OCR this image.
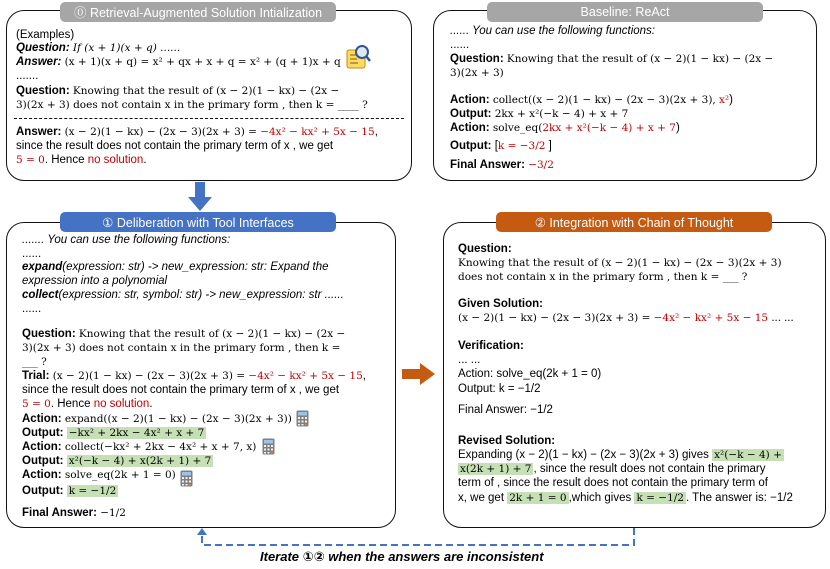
⓪ Retrieval-Augmented Solution Intialization
(Examples)
Question: If (x + 1)(x + q) ......
Answer: (x + 1)(x + q) = x² + qx + x + q = x² + (q + 1)x + q
.......
Question: Knowing that the result of (x − 2)(1 − kx) − (2x −
3)(2x + 3) does not contain x in the primary form , then k = ____ ?
Answer: (x − 2)(1 − kx) − (2x − 3)(2x + 3) = −4x² − kx² + 5x − 15,
since the result does not contain the primary term of x , we get
5 = 0. Hence no solution.
Baseline: ReAct
...... You can use the following functions:
......
Question: Knowing that the result of (x − 2)(1 − kx) − (2x −
3)(2x + 3)
Action: collect((x − 2)(1 − kx) − (2x − 3)(2x + 3), x²)
Output: 2kx + x²(−k − 4) + x + 7
Action: solve_eq(2kx + x²(−k − 4) + x + 7)
Output: [k = −3/2 ]
Final Answer: −3/2
① Deliberation with Tool Interfaces
....... You can use the following functions:
......
expand(expression: str) -> new_expression: str: Expand the
expression into a polynomial
collect(expression: str, symbol: str) -> new_expression: str ......
......
Question: Knowing that the result of (x − 2)(1 − kx) − (2x −
3)(2x + 3) does not contain x in the primary form , then k =
___ ?
Trial: (x − 2)(1 − kx) − (2x − 3)(2x + 3) = −4x² − kx² + 5x − 15,
since the result does not contain the primary term of x , we get
5 = 0. Hence no solution.
Action: expand((x − 2)(1 − kx) − (2x − 3)(2x + 3))
Output: −kx² + 2kx − 4x² + x + 7
Action: collect(−kx² + 2kx − 4x² + x + 7, x)
Output: x²(−k − 4) + x(2k + 1) + 7
Action: solve_eq(2k + 1 = 0)
Output: k = −1/2
Final Answer: −1/2
② Integration with Chain of Thought
Question:
Knowing that the result of (x − 2)(1 − kx) − (2x − 3)(2x + 3)
does not contain x in the primary form , then k = ___ ?
Given Solution:
(x − 2)(1 − kx) − (2x − 3)(2x + 3) = −4x² − kx² + 5x − 15 ... ...
Verification:
... ...
Action: solve_eq(2k + 1 = 0)
Output: k = −1/2
Final Answer: −1/2
Revised Solution:
Expanding (x − 2)(1 − kx) − (2x − 3)(2x + 3) gives x²(−k − 4) +
x(2k + 1) + 7 , since the result does not contain the primary
term of , since the result does not contain the primary term of
x, we get 2k + 1 = 0 ,which gives k = −1/2 . The answer is: −1/2
Iterate ①② when the answers are inconsistent
